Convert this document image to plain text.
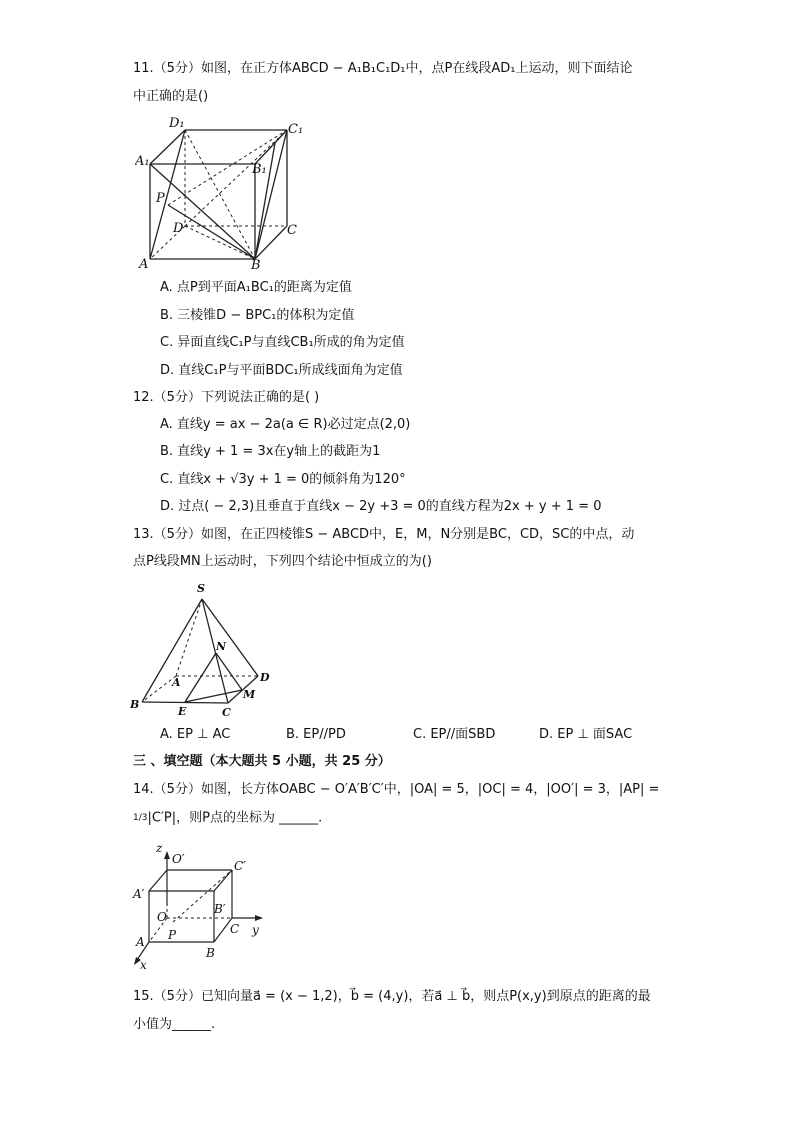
11.（5分）如图，在正方体ABCD − A₁B₁C₁D₁中，点P在线段AD₁上运动，则下面结论
中正确的是()
D₁	C₁
A₁
B₁
P
D	C
A	B
A. 点P到平面A₁BC₁的距离为定值
B. 三棱锥D − BPC₁的体积为定值
C. 异面直线C₁P与直线CB₁所成的角为定值
D. 直线C₁P与平面BDC₁所成线面角为定值
12.（5分）下列说法正确的是( )
A. 直线y = ax − 2a(a ∈ R)必过定点(2,0)
B. 直线y + 1 = 3x在y轴上的截距为1
C. 直线x + √3y + 1 = 0的倾斜角为120°
D. 过点( − 2,3)且垂直于直线x − 2y +3 = 0的直线方程为2x + y + 1 = 0
13.（5分）如图，在正四棱锥S − ABCD中，E，M，N分别是BC，CD，SC的中点，动
点P线段MN上运动时，下列四个结论中恒成立的为()
S
N
A	D
M
B
E	C
A. EP ⊥ AC	B. EP//PD	C. EP//面SBD	D. EP ⊥ 面SAC
三 、填空题（本大题共 5 小题，共 25 分）
14.（5分）如图，长方体OABC − O′A′B′C′中，|OA| = 5，|OC| = 4，|OO′| = 3，|AP| =
1/3|C′P|，则P点的坐标为 ______.
z
O′	C′
A′
B′
O
P	C y
A
B
x
15.（5分）已知向量a⃗ = (x − 1,2)，b⃗ = (4,y)，若a⃗ ⊥ b⃗，则点P(x,y)到原点的距离的最
小值为______.
